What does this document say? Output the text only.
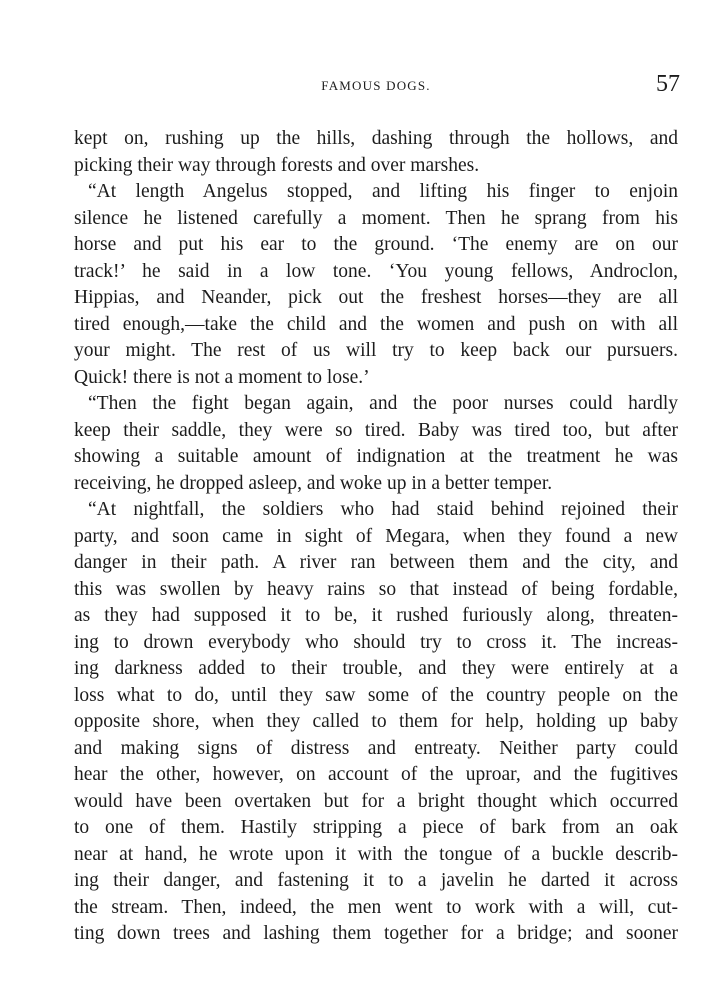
FAMOUS DOGS.	57
kept on, rushing up the hills, dashing through the hollows, and
picking their way through forests and over marshes.
“At length Angelus stopped, and lifting his finger to enjoin
silence he listened carefully a moment. Then he sprang from his
horse and put his ear to the ground. ‘The enemy are on our
track!’ he said in a low tone. ‘You young fellows, Androclon,
Hippias, and Neander, pick out the freshest horses—they are all
tired enough,—take the child and the women and push on with all
your might. The rest of us will try to keep back our pursuers.
Quick! there is not a moment to lose.’
“Then the fight began again, and the poor nurses could hardly
keep their saddle, they were so tired. Baby was tired too, but after
showing a suitable amount of indignation at the treatment he was
receiving, he dropped asleep, and woke up in a better temper.
“At nightfall, the soldiers who had staid behind rejoined their
party, and soon came in sight of Megara, when they found a new
danger in their path. A river ran between them and the city, and
this was swollen by heavy rains so that instead of being fordable,
as they had supposed it to be, it rushed furiously along, threaten-
ing to drown everybody who should try to cross it. The increas-
ing darkness added to their trouble, and they were entirely at a
loss what to do, until they saw some of the country people on the
opposite shore, when they called to them for help, holding up baby
and making signs of distress and entreaty. Neither party could
hear the other, however, on account of the uproar, and the fugitives
would have been overtaken but for a bright thought which occurred
to one of them. Hastily stripping a piece of bark from an oak
near at hand, he wrote upon it with the tongue of a buckle describ-
ing their danger, and fastening it to a javelin he darted it across
the stream. Then, indeed, the men went to work with a will, cut-
ting down trees and lashing them together for a bridge; and sooner
